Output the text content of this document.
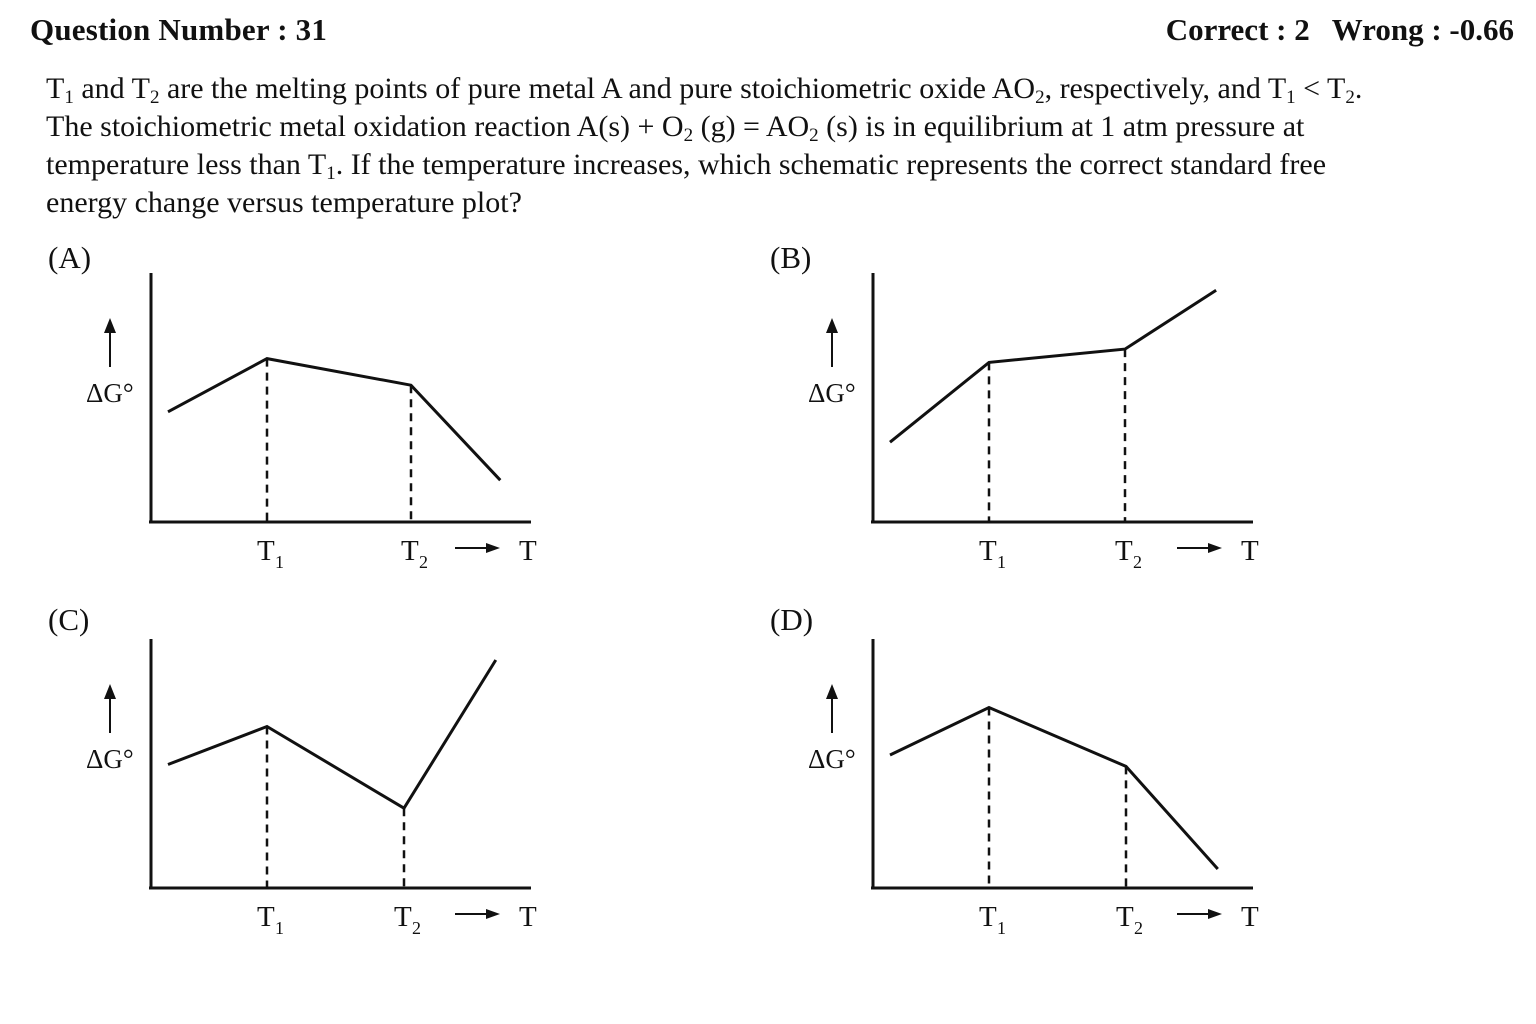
Question Number : 31	Correct : 2 Wrong : -0.66

$T_1$ and $T_2$ are the melting points of pure metal A and pure stoichiometric oxide $AO_2$, respectively, and $T_1 < T_2$. The stoichiometric metal oxidation reaction $A(s) + O_2$ $(g) = AO_2$ (s) is in equilibrium at 1 atm pressure at temperature less than $T_1$. If the temperature increases, which schematic represents the correct standard free energy change versus temperature plot?

(A)	(B)
(C)	(D)
ΔG°
T 1	T 2	T
ΔG°
T 1	T 2	T
ΔG°
T 1	T 2	T
ΔG°
T 1	T 2	T
